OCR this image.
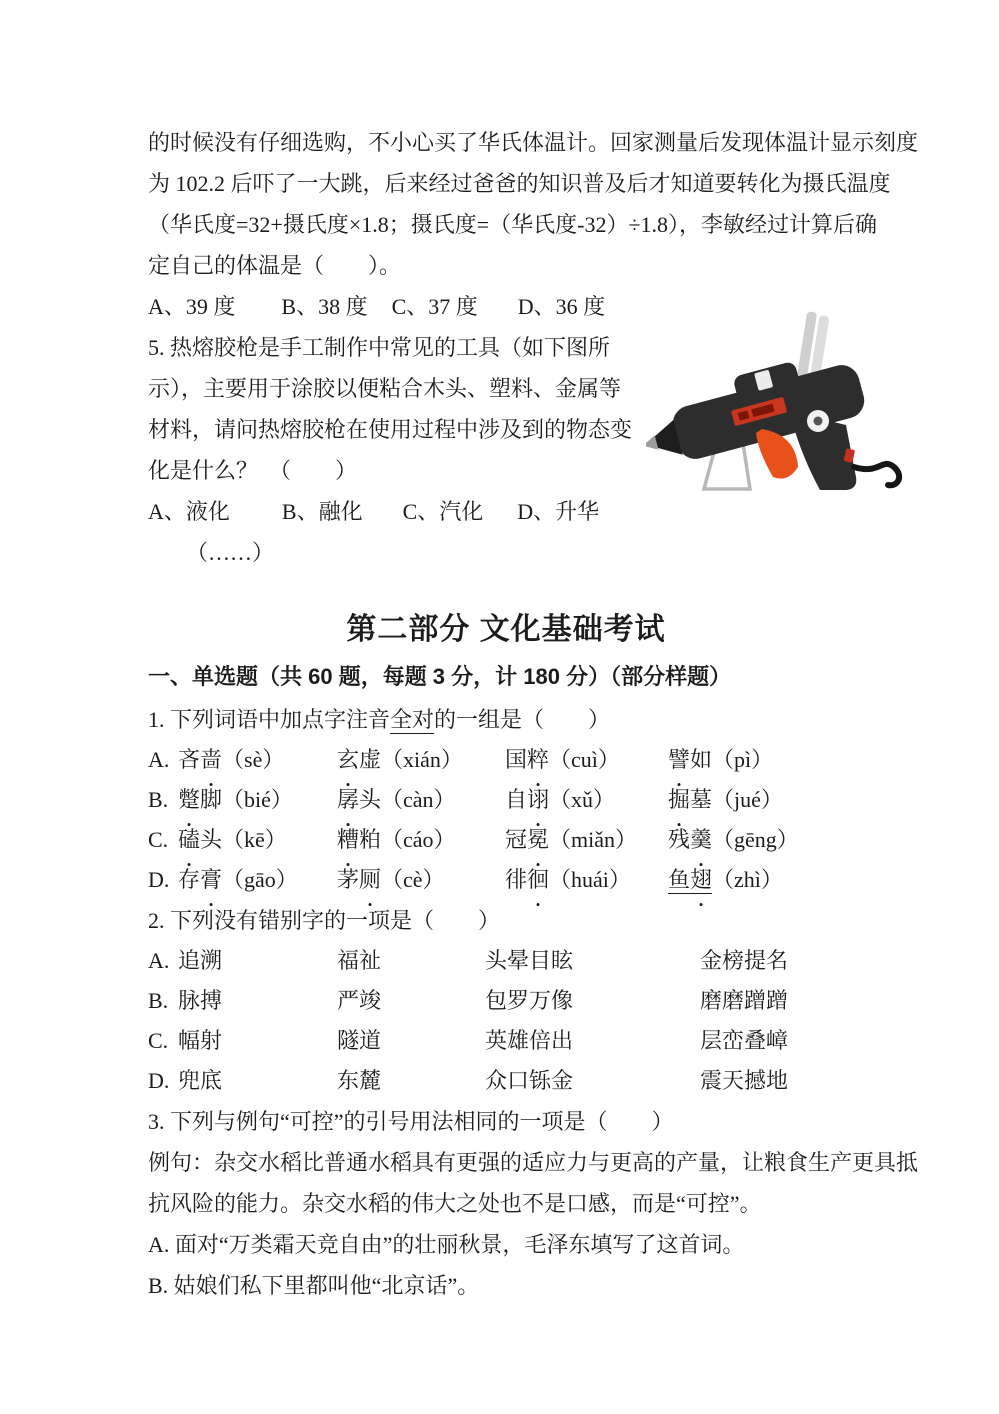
的时候没有仔细选购，不小心买了华氏体温计。回家测量后发现体温计显示刻度
为 102.2 后吓了一大跳，后来经过爸爸的知识普及后才知道要转化为摄氏温度
（华氏度=32+摄氏度×1.8；摄氏度=（华氏度-32）÷1.8），李敏经过计算后确
定自己的体温是（　　）。
A、39 度 B、38 度 C、37 度 D、36 度
5. 热熔胶枪是手工制作中常见的工具（如下图所
示），主要用于涂胶以便粘合木头、塑料、金属等
材料，请问热熔胶枪在使用过程中涉及到的物态变
化是什么？　（　　）
A、液化 B、融化 C、汽化 D、升华
（……）
第二部分 文化基础考试
一、单选题（共 60 题，每题 3 分，计 180 分）（部分样题）
1. 下列词语中加点字注音全对的一组是（　　）
A. 吝啬（sè）	玄虚（xián）	国粹（cuì）	譬如（pì）
B. 蹩脚（bié）	孱头（càn）	自诩（xǔ）	掘墓（jué）
C. 磕头（kē）	糟粕（cáo）	冠冕（miǎn）	残羹（gēng）
D. 存膏（gāo）	茅厕（cè）	徘徊（huái）	鱼翅（zhì）
2. 下列没有错别字的一项是（　　）
A. 追溯	福祉	头晕目眩	金榜提名
B. 脉搏	严竣	包罗万像	磨磨蹭蹭
C. 幅射	隧道	英雄倍出	层峦叠嶂
D. 兜底	东麓	众口铄金	震天撼地
3. 下列与例句“可控”的引号用法相同的一项是（　　）
例句：杂交水稻比普通水稻具有更强的适应力与更高的产量，让粮食生产更具抵
抗风险的能力。杂交水稻的伟大之处也不是口感，而是“可控”。
A. 面对“万类霜天竞自由”的壮丽秋景，毛泽东填写了这首词。
B. 姑娘们私下里都叫他“北京话”。
